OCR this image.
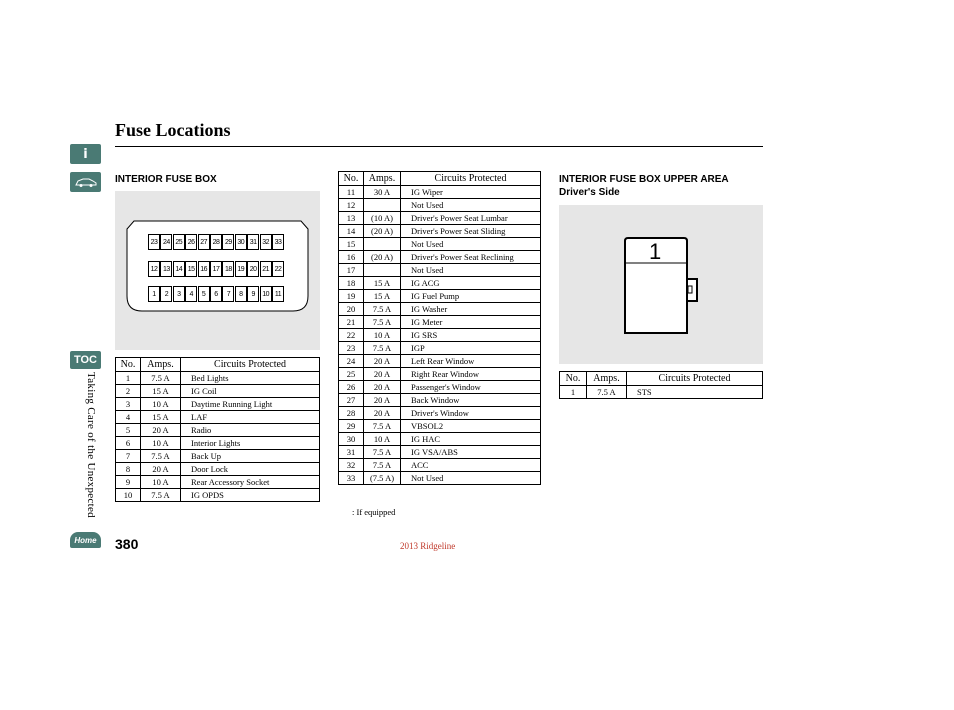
Fuse Locations
i
TOC
Taking Care of the Unexpected
Home
INTERIOR FUSE BOX
23 24 25 26 27 28 29 30 31 32 33
12 13 14 15 16 17 18 19 20 21 22
1	2	3	4	5	6	7	8	9	10 11
No.	Amps.	Circuits Protected
1	7.5 A	Bed Lights
2	15 A	IG Coil
3	10 A	Daytime Running Light
4	15 A	LAF
5	20 A	Radio
6	10 A	Interior Lights
7	7.5 A	Back Up
8	20 A	Door Lock
9	10 A	Rear Accessory Socket
10	7.5 A	IG OPDS
No.	Amps.	Circuits Protected
11	30 A	IG Wiper
12		Not Used
13	(10 A)	Driver's Power Seat Lumbar
14	(20 A)	Driver's Power Seat Sliding
15		Not Used
16	(20 A)	Driver's Power Seat Reclining
17		Not Used
18	15 A	IG ACG
19	15 A	IG Fuel Pump
20	7.5 A	IG Washer
21	7.5 A	IG Meter
22	10 A	IG SRS
23	7.5 A	IGP
24	20 A	Left Rear Window
25	20 A	Right Rear Window
26	20 A	Passenger's Window
27	20 A	Back Window
28	20 A	Driver's Window
29	7.5 A	VBSOL2
30	10 A	IG HAC
31	7.5 A	IG VSA/ABS
32	7.5 A	ACC
33	(7.5 A)	Not Used
: If equipped
INTERIOR FUSE BOX UPPER AREA
Driver's Side
1
No.	Amps.	Circuits Protected
1	7.5 A	STS
380	2013 Ridgeline
